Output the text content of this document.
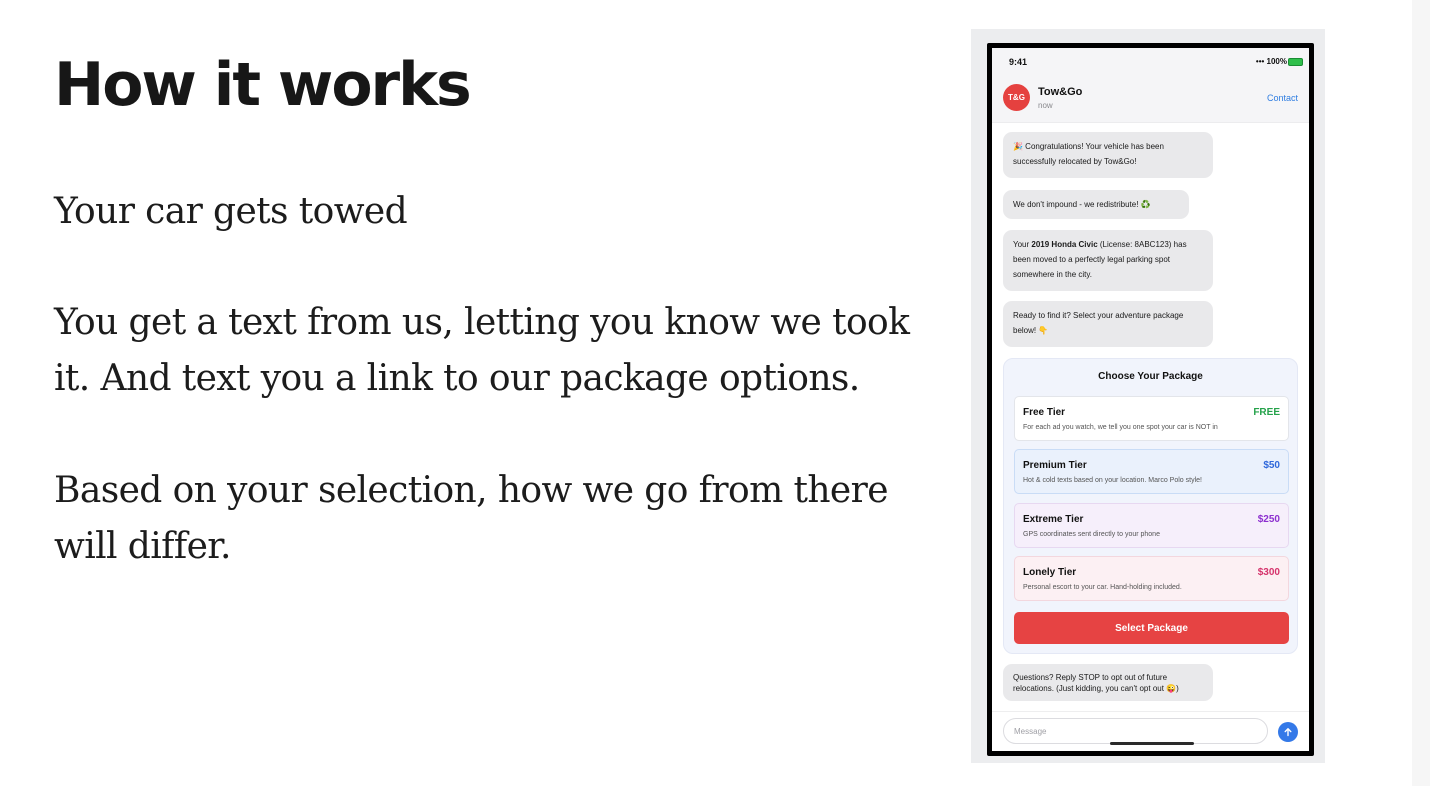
How it works

Your car gets towed

You get a text from us, letting you know we took it. And text you a link to our package options.

Based on your selection, how we go from there will differ.

9:41	••• 100%
T&G	Tow&Go
now
Contact
🎉 Congratulations! Your vehicle has been successfully relocated by Tow&Go!
We don't impound - we redistribute! ♻️
Your 2019 Honda Civic (License: 8ABC123) has been moved to a perfectly legal parking spot somewhere in the city.
Ready to find it? Select your adventure package below! 👇
Choose Your Package
Free Tier	FREE
For each ad you watch, we tell you one spot your car is NOT in
Premium Tier	$50
Hot & cold texts based on your location. Marco Polo style!
Extreme Tier	$250
GPS coordinates sent directly to your phone
Lonely Tier	$300
Personal escort to your car. Hand-holding included.
Select Package
Questions? Reply STOP to opt out of future relocations. (Just kidding, you can't opt out 😜)
Message
